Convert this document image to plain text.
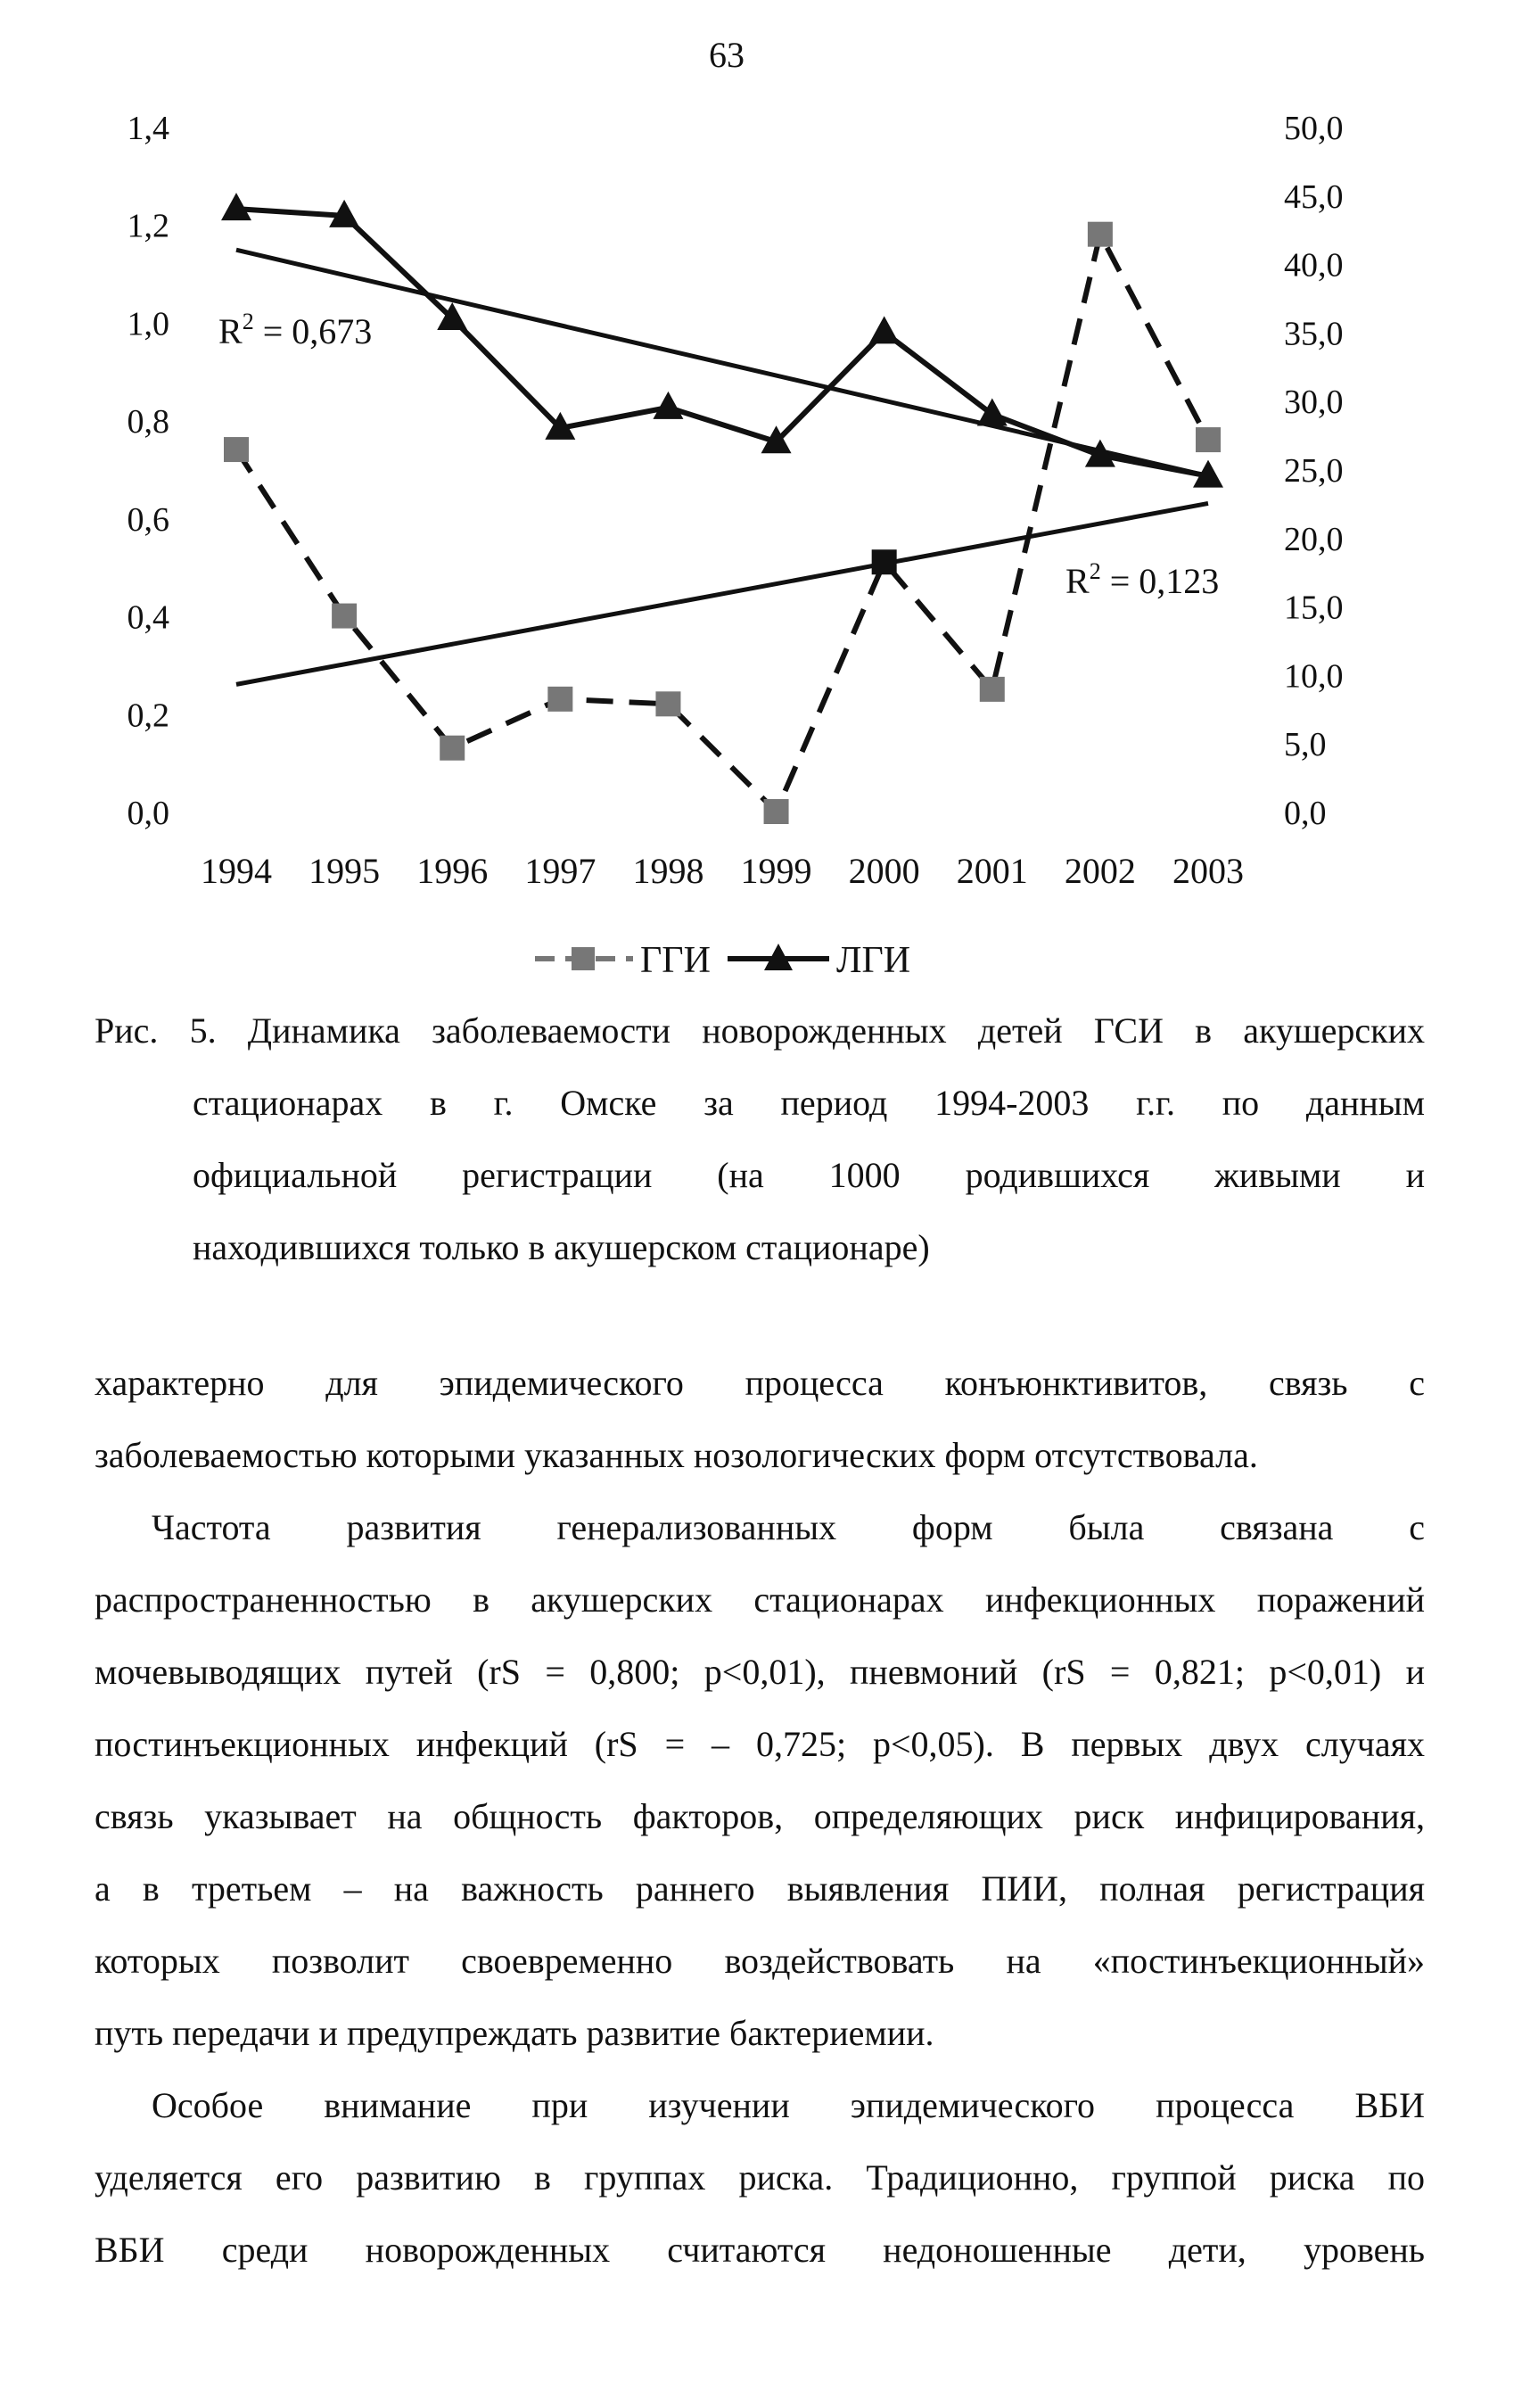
63
0,0
0,2
0,4
0,6
0,8
1,0
1,2
1,4
0,0
5,0
10,0
15,0
20,0
25,0
30,0
35,0
40,0
45,0
50,0
1994 1995 1996 1997 1998 1999 2000 2001 2002 2003
$R^2 = 0,673$
$R^2 = 0,123$
ГГИ	ЛГИ
Рис. 5. Динамика заболеваемости новорожденных детей ГСИ в акушерских
стационарах в г. Омске за период 1994-2003 г.г. по данным
официальной регистрации (на 1000 родившихся живыми и
находившихся только в акушерском стационаре)
характерно для эпидемического процесса конъюнктивитов, связь с
заболеваемостью которыми указанных нозологических форм отсутствовала.
Частота развития генерализованных форм была связана с
распространенностью в акушерских стационарах инфекционных поражений
мочевыводящих путей (rS = 0,800; p<0,01), пневмоний (rS = 0,821; p<0,01) и
постинъекционных инфекций (rS = – 0,725; p<0,05). В первых двух случаях
связь указывает на общность факторов, определяющих риск инфицирования,
а в третьем – на важность раннего выявления ПИИ, полная регистрация
которых позволит своевременно воздействовать на «постинъекционный»
путь передачи и предупреждать развитие бактериемии.
Особое внимание при изучении эпидемического процесса ВБИ
уделяется его развитию в группах риска. Традиционно, группой риска по
ВБИ среди новорожденных считаются недоношенные дети, уровень
